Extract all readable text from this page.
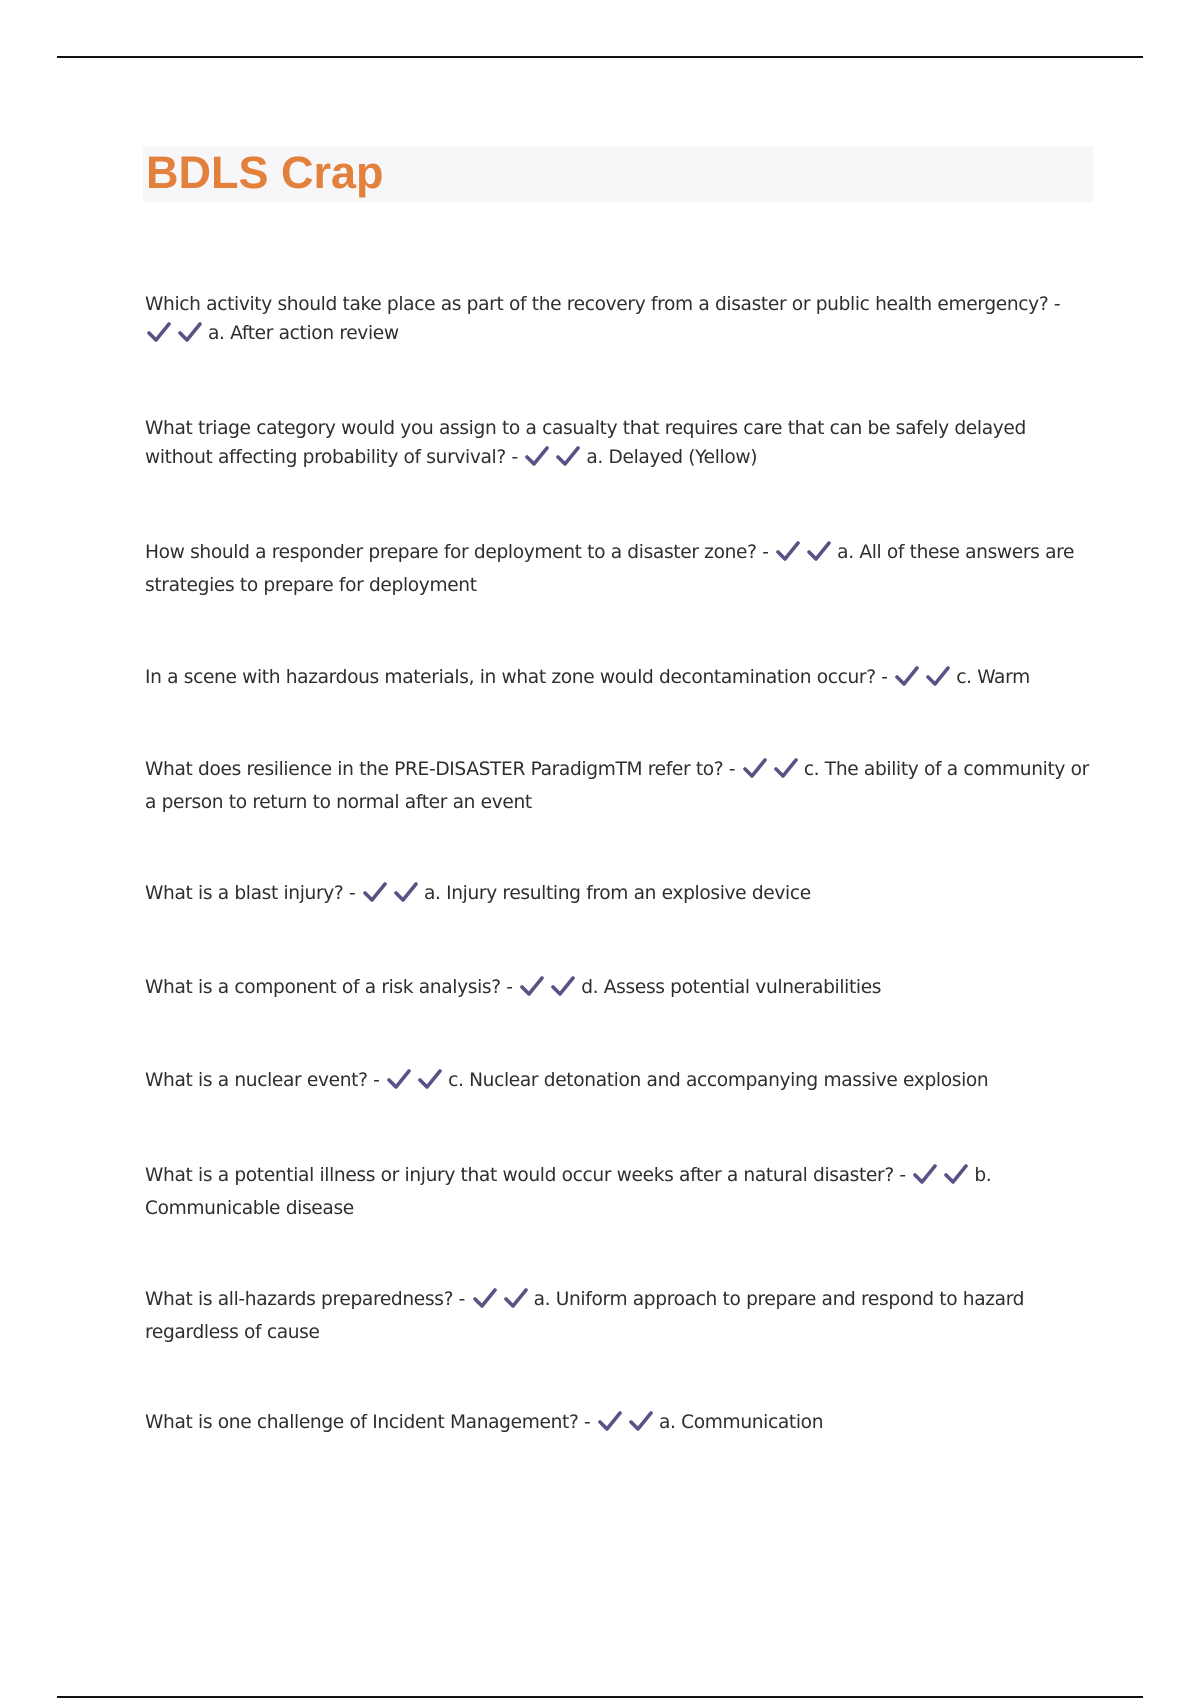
BDLS Crap
Which activity should take place as part of the recovery from a disaster or public health emergency? - a. After action review
What triage category would you assign to a casualty that requires care that can be safely delayed without affecting probability of survival? -	a. Delayed (Yellow)
How should a responder prepare for deployment to a disaster zone? -	a. All of these answers are strategies to prepare for deployment
In a scene with hazardous materials, in what zone would decontamination occur? -	c. Warm
What does resilience in the PRE-DISASTER ParadigmTM refer to? -	c. The ability of a community or a person to return to normal after an event
What is a blast injury? -	a. Injury resulting from an explosive device
What is a component of a risk analysis? -	d. Assess potential vulnerabilities
What is a nuclear event? -	c. Nuclear detonation and accompanying massive explosion
What is a potential illness or injury that would occur weeks after a natural disaster? -	b. Communicable disease
What is all-hazards preparedness? -	a. Uniform approach to prepare and respond to hazard regardless of cause
What is one challenge of Incident Management? -	a. Communication
